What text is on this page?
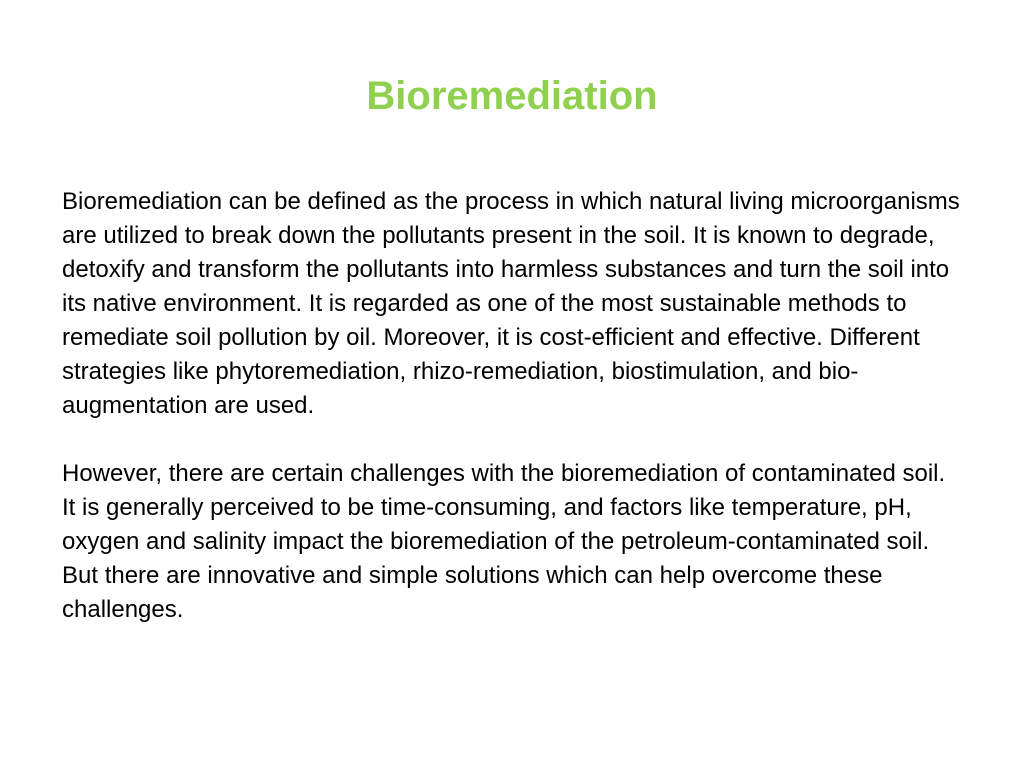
Bioremediation

Bioremediation can be defined as the process in which natural living microorganisms are utilized to break down the pollutants present in the soil. It is known to degrade, detoxify and transform the pollutants into harmless substances and turn the soil into its native environment. It is regarded as one of the most sustainable methods to remediate soil pollution by oil. Moreover, it is cost-efficient and effective. Different strategies like phytoremediation, rhizo-remediation, biostimulation, and bio-augmentation are used.

However, there are certain challenges with the bioremediation of contaminated soil. It is generally perceived to be time-consuming, and factors like temperature, pH, oxygen and salinity impact the bioremediation of the petroleum-contaminated soil. But there are innovative and simple solutions which can help overcome these challenges.
